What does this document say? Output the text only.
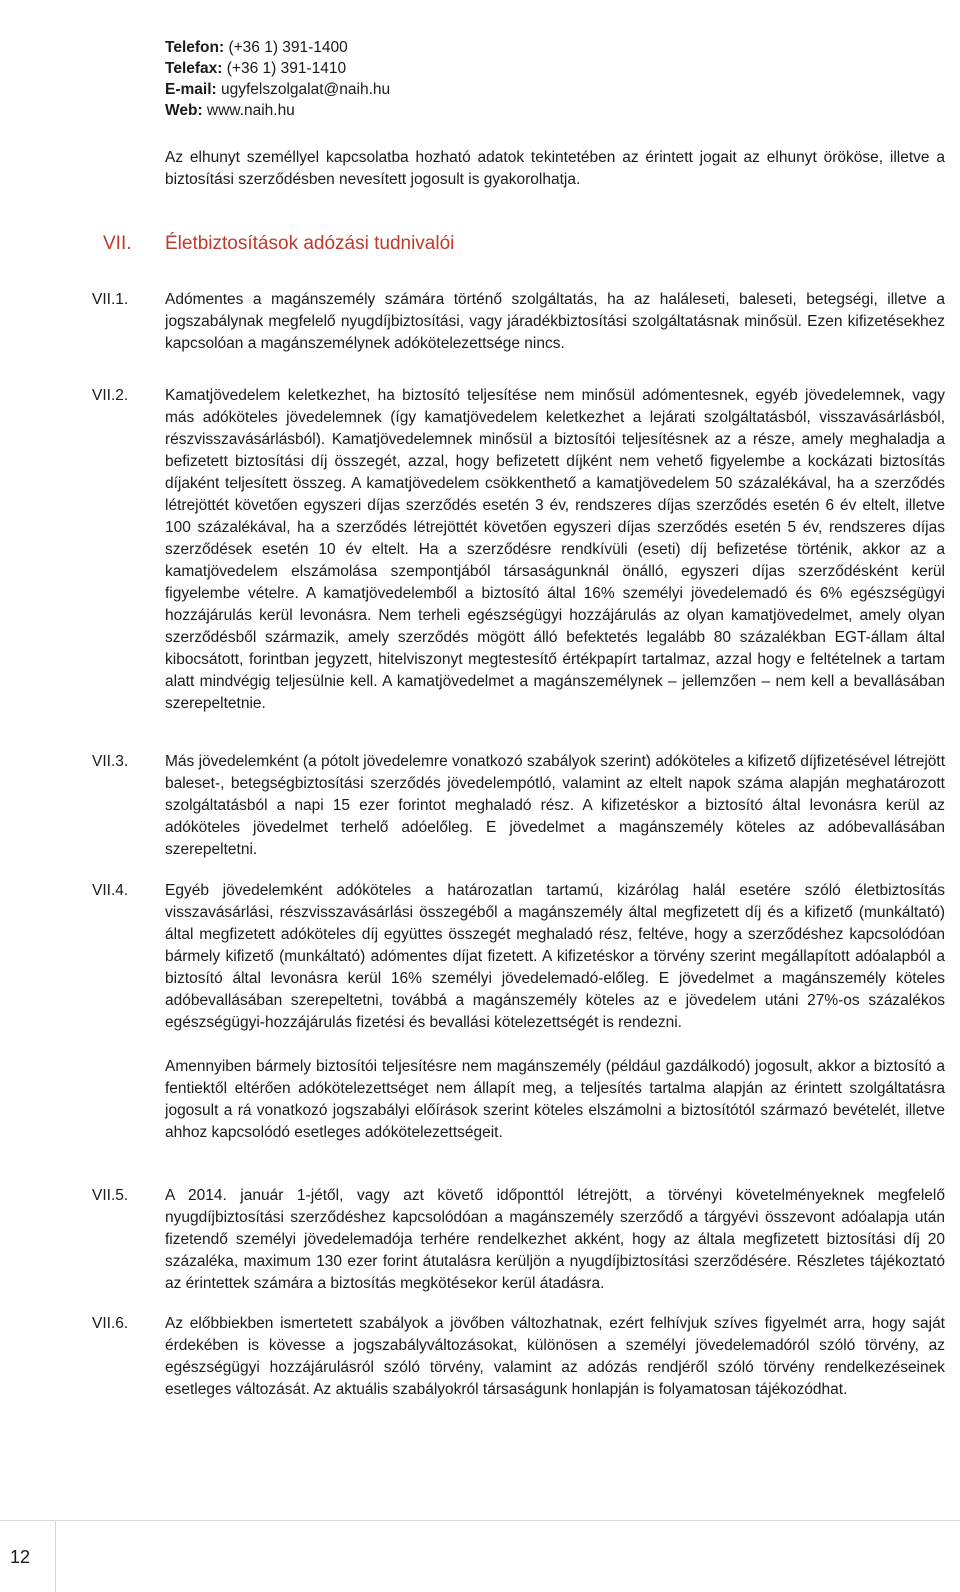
Telefon: (+36 1) 391-1400
Telefax: (+36 1) 391-1410
E-mail: ugyfelszolgalat@naih.hu
Web: www.naih.hu
Az elhunyt személlyel kapcsolatba hozható adatok tekintetében az érintett jogait az elhunyt örököse, illetve a biztosítási szerződésben nevesített jogosult is gyakorolhatja.
VII. Életbiztosítások adózási tudnivalói
VII.1. Adómentes a magánszemély számára történő szolgáltatás, ha az haláleseti, baleseti, betegségi, illetve a jogszabálynak megfelelő nyugdíjbiztosítási, vagy járadékbiztosítási szolgáltatásnak minősül. Ezen kifizetésekhez kapcsolóan a magánszemélynek adókötelezettsége nincs.

VII.2. Kamatjövedelem keletkezhet, ha biztosító teljesítése nem minősül adómentesnek, egyéb jövedelemnek, vagy más adóköteles jövedelemnek (így kamatjövedelem keletkezhet a lejárati szolgáltatásból, visszavásárlásból, részvisszavásárlásból). Kamatjövedelemnek minősül a biztosítói teljesítésnek az a része, amely meghaladja a befizetett biztosítási díj összegét, azzal, hogy befizetett díjként nem vehető figyelembe a kockázati biztosítás díjaként teljesített összeg. A kamatjövedelem csökkenthető a kamatjövedelem 50 százalékával, ha a szerződés létrejöttét követően egyszeri díjas szerződés esetén 3 év, rendszeres díjas szerződés esetén 6 év eltelt, illetve 100 százalékával, ha a szerződés létrejöttét követően egyszeri díjas szerződés esetén 5 év, rendszeres díjas szerződések esetén 10 év eltelt. Ha a szerződésre rendkívüli (eseti) díj befizetése történik, akkor az a kamatjövedelem elszámolása szempontjából társaságunknál önálló, egyszeri díjas szerződésként kerül figyelembe vételre. A kamatjövedelemből a biztosító által 16% személyi jövedelemadó és 6% egészségügyi hozzájárulás kerül levonásra. Nem terheli egészségügyi hozzájárulás az olyan kamatjövedelmet, amely olyan szerződésből származik, amely szerződés mögött álló befektetés legalább 80 százalékban EGT-állam által kibocsátott, forintban jegyzett, hitelviszonyt megtestesítő értékpapírt tartalmaz, azzal hogy e feltételnek a tartam alatt mindvégig teljesülnie kell. A kamatjövedelmet a magánszemélynek – jellemzően – nem kell a bevallásában szerepeltetnie.

VII.3. Más jövedelemként (a pótolt jövedelemre vonatkozó szabályok szerint) adóköteles a kifizető díjfizetésével létrejött baleset-, betegségbiztosítási szerződés jövedelempótló, valamint az eltelt napok száma alapján meghatározott szolgáltatásból a napi 15 ezer forintot meghaladó rész. A kifizetéskor a biztosító által levonásra kerül az adóköteles jövedelmet terhelő adóelőleg. E jövedelmet a magánszemély köteles az adóbevallásában szerepeltetni.

VII.4. Egyéb jövedelemként adóköteles a határozatlan tartamú, kizárólag halál esetére szóló életbiztosítás visszavásárlási, részvisszavásárlási összegéből a magánszemély által megfizetett díj és a kifizető (munkáltató) által megfizetett adóköteles díj együttes összegét meghaladó rész, feltéve, hogy a szerződéshez kapcsolódóan bármely kifizető (munkáltató) adómentes díjat fizetett. A kifizetéskor a törvény szerint megállapított adóalapból a biztosító által levonásra kerül 16% személyi jövedelemadó-előleg. E jövedelmet a magánszemély köteles adóbevallásában szerepeltetni, továbbá a magánszemély köteles az e jövedelem utáni 27%-os százalékos egészségügyi-hozzájárulás fizetési és bevallási kötelezettségét is rendezni.

Amennyiben bármely biztosítói teljesítésre nem magánszemély (például gazdálkodó) jogosult, akkor a biztosító a fentiektől eltérően adókötelezettséget nem állapít meg, a teljesítés tartalma alapján az érintett szolgáltatásra jogosult a rá vonatkozó jogszabályi előírások szerint köteles elszámolni a biztosítótól származó bevételét, illetve ahhoz kapcsolódó esetleges adókötelezettségeit.

VII.5. A 2014. január 1-jétől, vagy azt követő időponttól létrejött, a törvényi követelményeknek megfelelő nyugdíjbiztosítási szerződéshez kapcsolódóan a magánszemély szerződő a tárgyévi összevont adóalapja után fizetendő személyi jövedelemadója terhére rendelkezhet akként, hogy az általa megfizetett biztosítási díj 20 százaléka, maximum 130 ezer forint átutalásra kerüljön a nyugdíjbiztosítási szerződésére. Részletes tájékoztató az érintettek számára a biztosítás megkötésekor kerül átadásra.

VII.6. Az előbbiekben ismertetett szabályok a jövőben változhatnak, ezért felhívjuk szíves figyelmét arra, hogy saját érdekében is kövesse a jogszabályváltozásokat, különösen a személyi jövedelemadóról szóló törvény, az egészségügyi hozzájárulásról szóló törvény, valamint az adózás rendjéről szóló törvény rendelkezéseinek esetleges változását. Az aktuális szabályokról társaságunk honlapján is folyamatosan tájékozódhat.

12
